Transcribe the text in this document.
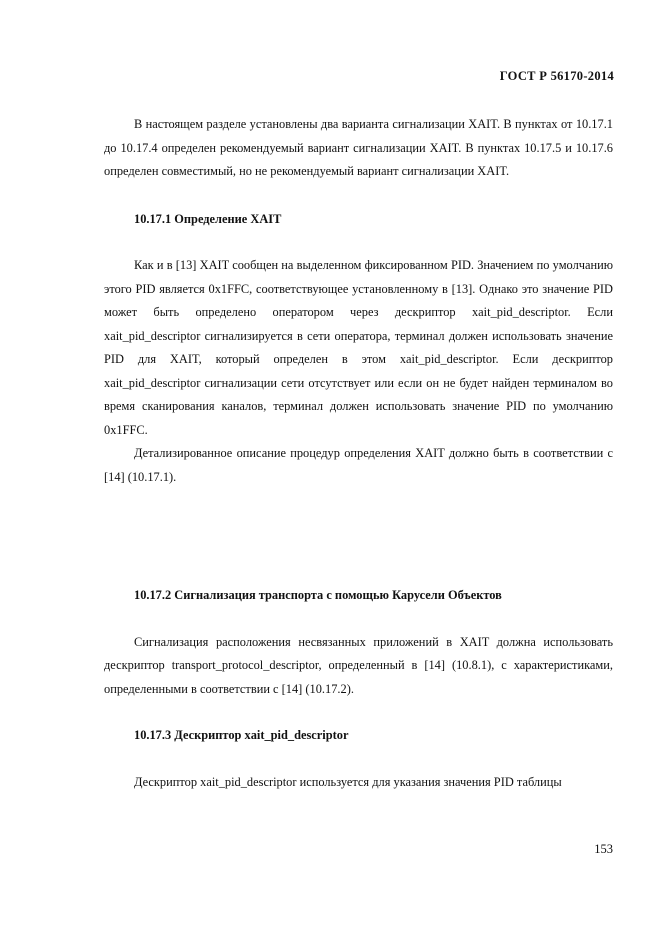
ГОСТ Р 56170-2014

В настоящем разделе установлены два варианта сигнализации XAIT. В пунктах от 10.17.1 до 10.17.4 определен рекомендуемый вариант сигнализации XAIT. В пунктах 10.17.5 и 10.17.6 определен совместимый, но не рекомендуемый вариант сигнализации XAIT.

10.17.1 Определение XAIT

Как и в [13] XAIT сообщен на выделенном фиксированном PID. Значением по умолчанию этого PID является 0x1FFC, соответствующее установленному в [13]. Однако это значение PID может быть определено оператором через дескриптор xait_pid_descriptor. Если xait_pid_descriptor сигнализируется в сети оператора, терминал должен использовать значение PID для XAIT, который определен в этом xait_pid_descriptor. Если дескриптор xait_pid_descriptor сигнализации сети отсутствует или если он не будет найден терминалом во время сканирования каналов, терминал должен использовать значение PID по умолчанию 0x1FFC.

Детализированное описание процедур определения XAIT должно быть в соответствии с [14] (10.17.1).

10.17.2 Сигнализация транспорта с помощью Карусели Объектов

Сигнализация расположения несвязанных приложений в XAIT должна использовать дескриптор transport_protocol_descriptor, определенный в [14] (10.8.1), с характеристиками, определенными в соответствии с [14] (10.17.2).

10.17.3 Дескриптор xait_pid_descriptor

Дескриптор xait_pid_descriptor используется для указания значения PID таблицы

153
